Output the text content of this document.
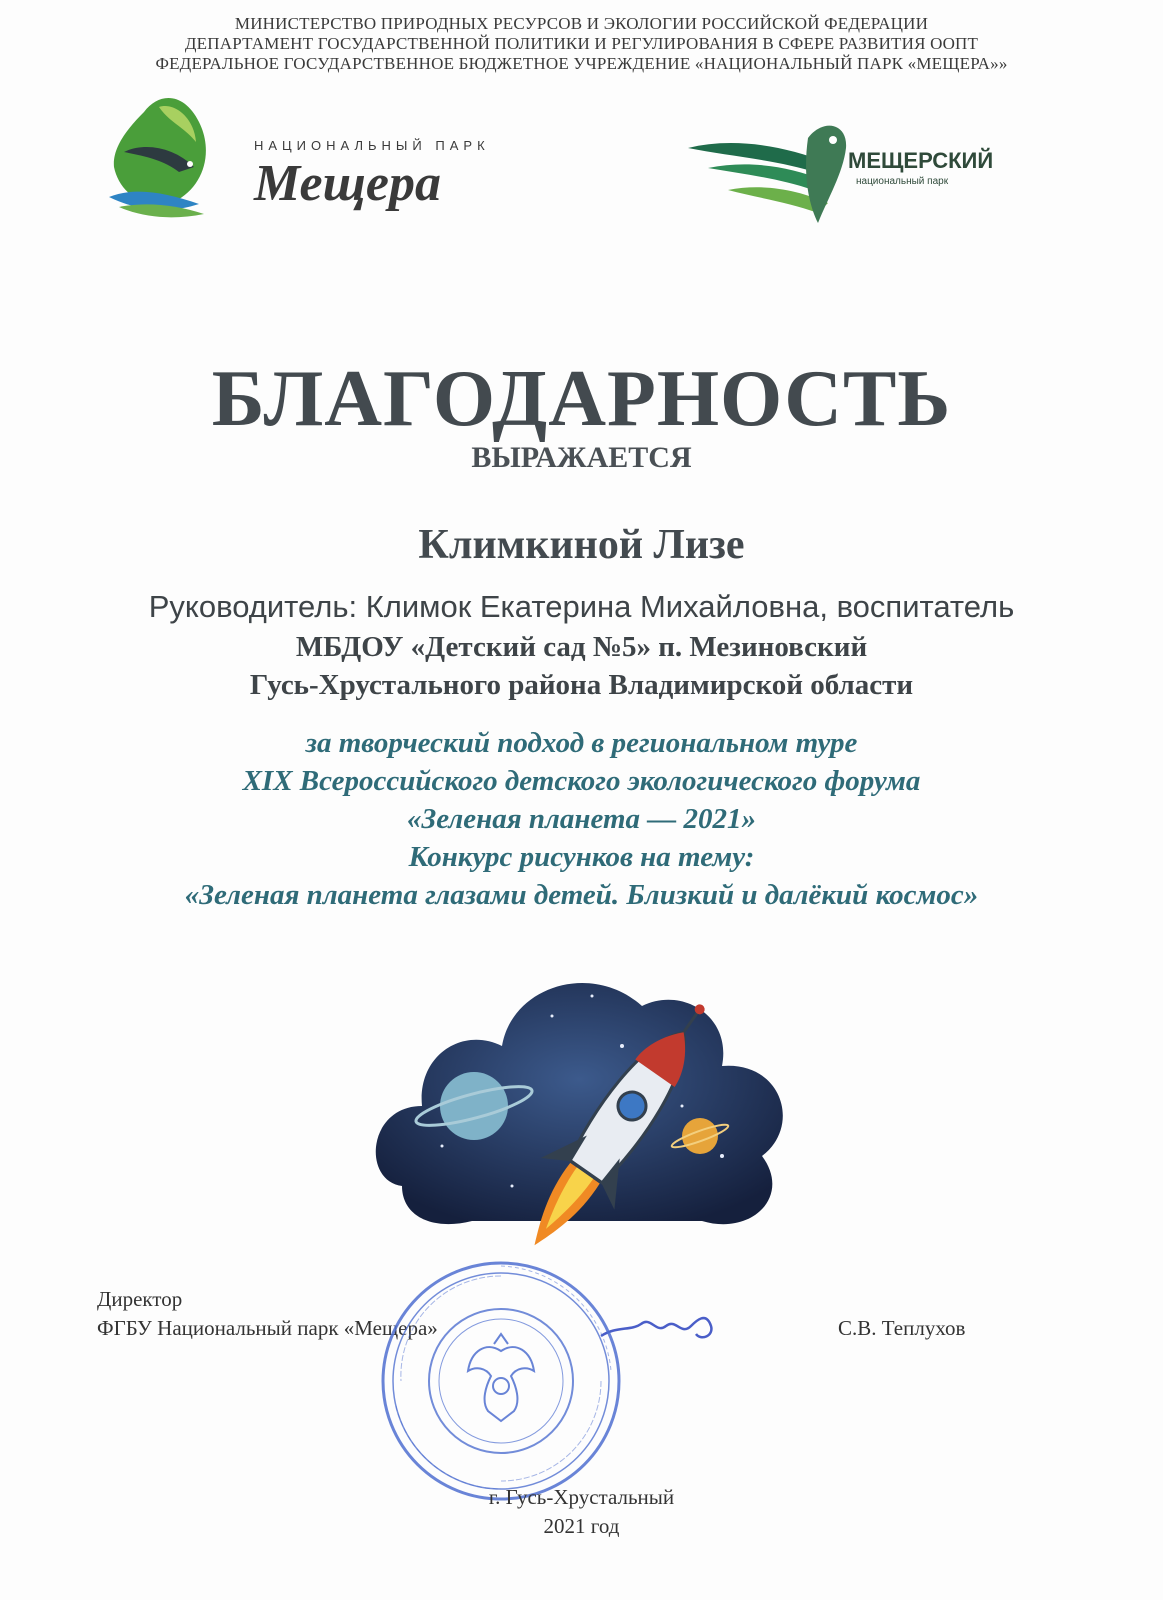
МИНИСТЕРСТВО ПРИРОДНЫХ РЕСУРСОВ И ЭКОЛОГИИ РОССИЙСКОЙ ФЕДЕРАЦИИ
ДЕПАРТАМЕНТ ГОСУДАРСТВЕННОЙ ПОЛИТИКИ И РЕГУЛИРОВАНИЯ В СФЕРЕ РАЗВИТИЯ ООПТ
ФЕДЕРАЛЬНОЕ ГОСУДАРСТВЕННОЕ БЮДЖЕТНОЕ УЧРЕЖДЕНИЕ «НАЦИОНАЛЬНЫЙ ПАРК «МЕЩЕРА»»
НАЦИОНАЛЬНЫЙ ПАРК
Мещера	МЕЩЕРСКИЙ
национальный парк
БЛАГОДАРНОСТЬ
ВЫРАЖАЕТСЯ
Климкиной Лизе
Руководитель: Климок Екатерина Михайловна, воспитатель
МБДОУ «Детский сад №5» п. Мезиновский
Гусь-Хрустального района Владимирской области
за творческий подход в региональном туре
XIX Всероссийского детского экологического форума
«Зеленая планета — 2021»
Конкурс рисунков на тему:
«Зеленая планета глазами детей. Близкий и далёкий космос»
Директор
ФГБУ Национальный парк «Мещера»	С.В. Теплухов
г. Гусь-Хрустальный
2021 год
